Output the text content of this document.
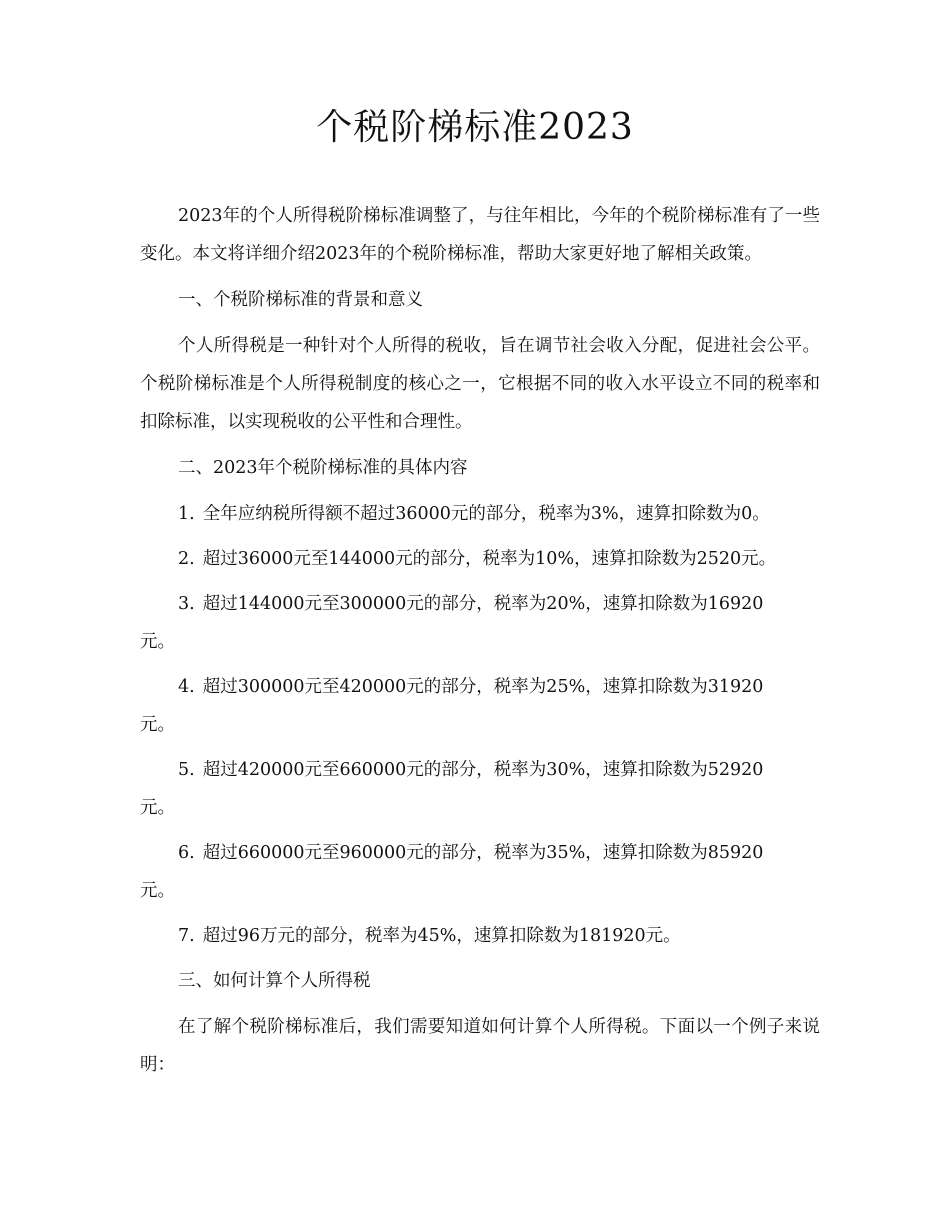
个税阶梯标准2023

2023年的个人所得税阶梯标准调整了，与往年相比，今年的个税阶梯标准有了一些变化。本文将详细介绍2023年的个税阶梯标准，帮助大家更好地了解相关政策。

一、个税阶梯标准的背景和意义

个人所得税是一种针对个人所得的税收，旨在调节社会收入分配，促进社会公平。个税阶梯标准是个人所得税制度的核心之一，它根据不同的收入水平设立不同的税率和扣除标准，以实现税收的公平性和合理性。

二、2023年个税阶梯标准的具体内容

1. 全年应纳税所得额不超过36000元的部分，税率为3%，速算扣除数为0。

2. 超过36000元至144000元的部分，税率为10%，速算扣除数为2520元。

3. 超过144000元至300000元的部分，税率为20%，速算扣除数为16920元。

4. 超过300000元至420000元的部分，税率为25%，速算扣除数为31920元。

5. 超过420000元至660000元的部分，税率为30%，速算扣除数为52920元。

6. 超过660000元至960000元的部分，税率为35%，速算扣除数为85920元。

7. 超过96万元的部分，税率为45%，速算扣除数为181920元。

三、如何计算个人所得税

在了解个税阶梯标准后，我们需要知道如何计算个人所得税。下面以一个例子来说明：
